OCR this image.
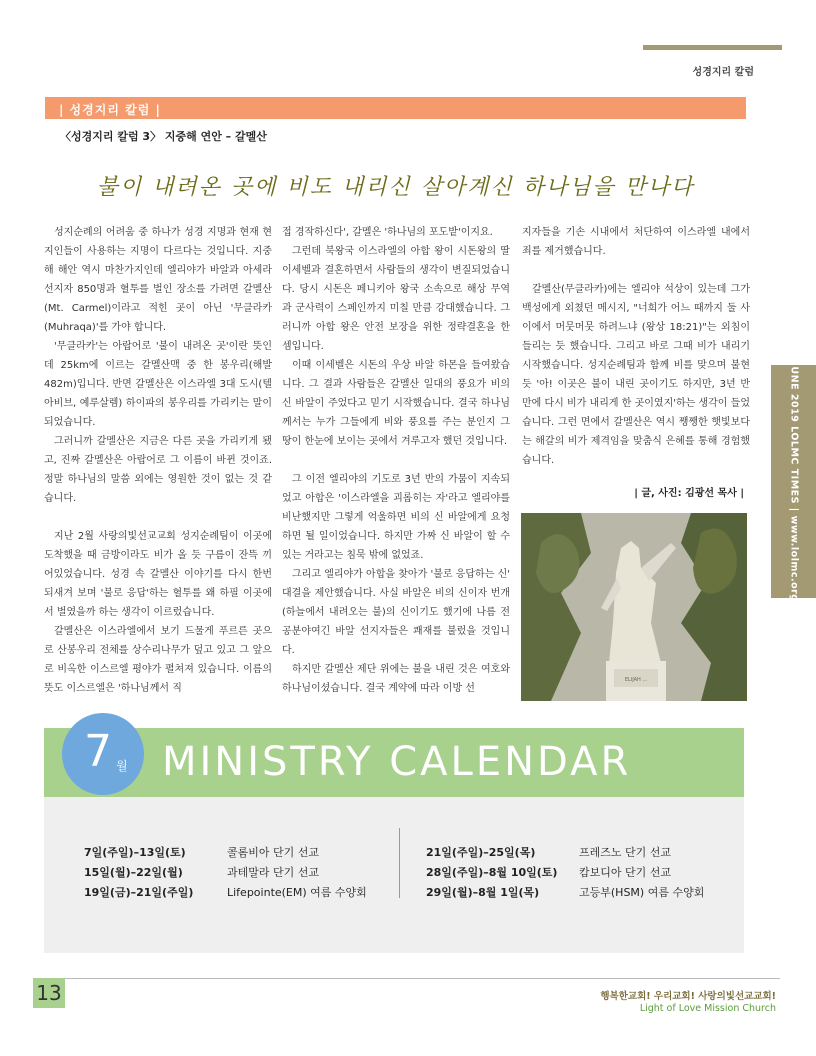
성경지리 칼럼
| 성경지리 칼럼 |
〈성경지리 칼럼 3〉 지중해 연안 – 갈멜산
불이 내려온 곳에 비도 내리신 살아계신 하나님을 만나다

성지순례의 어려움 중 하나가 성경 지명과 현재 현지인들이 사용하는 지명이 다르다는 것입니다. 지중해 해안 역시 마찬가지인데 엘리야가 바알과 아세라 선지자 850명과 혈투를 벌인 장소를 가려면 갈멜산(Mt. Carmel)이라고 적힌 곳이 아닌 '무클라카(Muhraqa)'를 가야 합니다.

'무클라카'는 아랍어로 '불이 내려온 곳'이란 뜻인데 25km에 이르는 갈멜산맥 중 한 봉우리(해발 482m)입니다. 반면 갈멜산은 이스라엘 3대 도시(텔아비브, 예루살렘) 하이파의 봉우리를 가리키는 말이 되었습니다.

그러니까 갈멜산은 지금은 다른 곳을 가리키게 됐고, 진짜 갈멜산은 아랍어로 그 이름이 바뀐 것이죠. 정말 하나님의 말씀 외에는 영원한 것이 없는 것 같습니다.

지난 2월 사랑의빛선교교회 성지순례팀이 이곳에 도착했을 때 금방이라도 비가 올 듯 구름이 잔뜩 끼어있었습니다. 성경 속 갈멜산 이야기를 다시 한번 되새겨 보며 '불로 응답'하는 혈투를 왜 하필 이곳에서 벌였을까 하는 생각이 이르렀습니다.

갈멜산은 이스라엘에서 보기 드물게 푸르른 곳으로 산봉우리 전체를 상수리나무가 덮고 있고 그 앞으로 비옥한 이스르엘 평야가 펼쳐져 있습니다. 이름의 뜻도 이스르엘은 '하나님께서 직

접 경작하신다', 갈멜은 '하나님의 포도밭'이지요.

그런데 북왕국 이스라엘의 아합 왕이 시돈왕의 딸 이세벨과 결혼하면서 사람들의 생각이 변질되었습니다. 당시 시돈은 페니키아 왕국 소속으로 해상 무역과 군사력이 스페인까지 미칠 만큼 강대했습니다. 그러니까 아합 왕은 안전 보장을 위한 정략결혼을 한 셈입니다.

이때 이세벨은 시돈의 우상 바알 하몬을 들여왔습니다. 그 결과 사람들은 갈멜산 일대의 풍요가 비의 신 바알이 주었다고 믿기 시작했습니다. 결국 하나님께서는 누가 그들에게 비와 풍요를 주는 분인지 그 땅이 한눈에 보이는 곳에서 겨루고자 했던 것입니다.

그 이전 엘리야의 기도로 3년 반의 가뭄이 지속되었고 아합은 '이스라엘을 괴롭히는 자'라고 엘리야를 비난했지만 그렇게 억울하면 비의 신 바알에게 요청하면 될 일이었습니다. 하지만 가짜 신 바알이 할 수 있는 거라고는 침묵 밖에 없었죠.

그리고 엘리야가 아합을 찾아가 '불로 응답하는 신' 대결을 제안했습니다. 사실 바알은 비의 신이자 번개(하늘에서 내려오는 불)의 신이기도 했기에 나름 전공분야여긴 바알 선지자들은 쾌재를 불렀을 것입니다.

하지만 갈멜산 제단 위에는 불을 내린 것은 여호와 하나님이셨습니다. 결국 계약에 따라 이방 선

지자들을 기손 시내에서 처단하여 이스라엘 내에서 죄를 제거했습니다.

갈멜산(무클라카)에는 엘리야 석상이 있는데 그가 백성에게 외쳤던 메시지, "너희가 어느 때까지 둘 사이에서 머뭇머뭇 하려느냐 (왕상 18:21)"는 외침이 들리는 듯 했습니다. 그리고 바로 그때 비가 내리기 시작했습니다. 성지순례팀과 함께 비를 맞으며 불현 듯 '아! 이곳은 불이 내린 곳이기도 하지만, 3년 반 만에 다시 비가 내리게 한 곳이였지'하는 생각이 들었습니다. 그런 면에서 갈멜산은 역시 쨍쨍한 햇빛보다는 해갈의 비가 제격임을 맞춤식 은혜를 통해 경험했습니다.

| 글, 사진: 김광선 목사 |
ELIJAH ...
JUNE 2019 LOLMC TIMES | www.lolmc.org
MINISTRY CALENDAR
7 월
7일(주일)–13일(토)
15일(월)–22일(월)
19일(금)–21일(주일)
콜롬비아 단기 선교
과테말라 단기 선교
Lifepointe(EM) 여름 수양회
21일(주일)–25일(목)
28일(주일)–8월 10일(토)
29일(월)–8월 1일(목)
프레즈노 단기 선교
캄보디아 단기 선교
고등부(HSM) 여름 수양회
13	행복한교회! 우리교회! 사랑의빛선교교회!
Light of Love Mission Church
